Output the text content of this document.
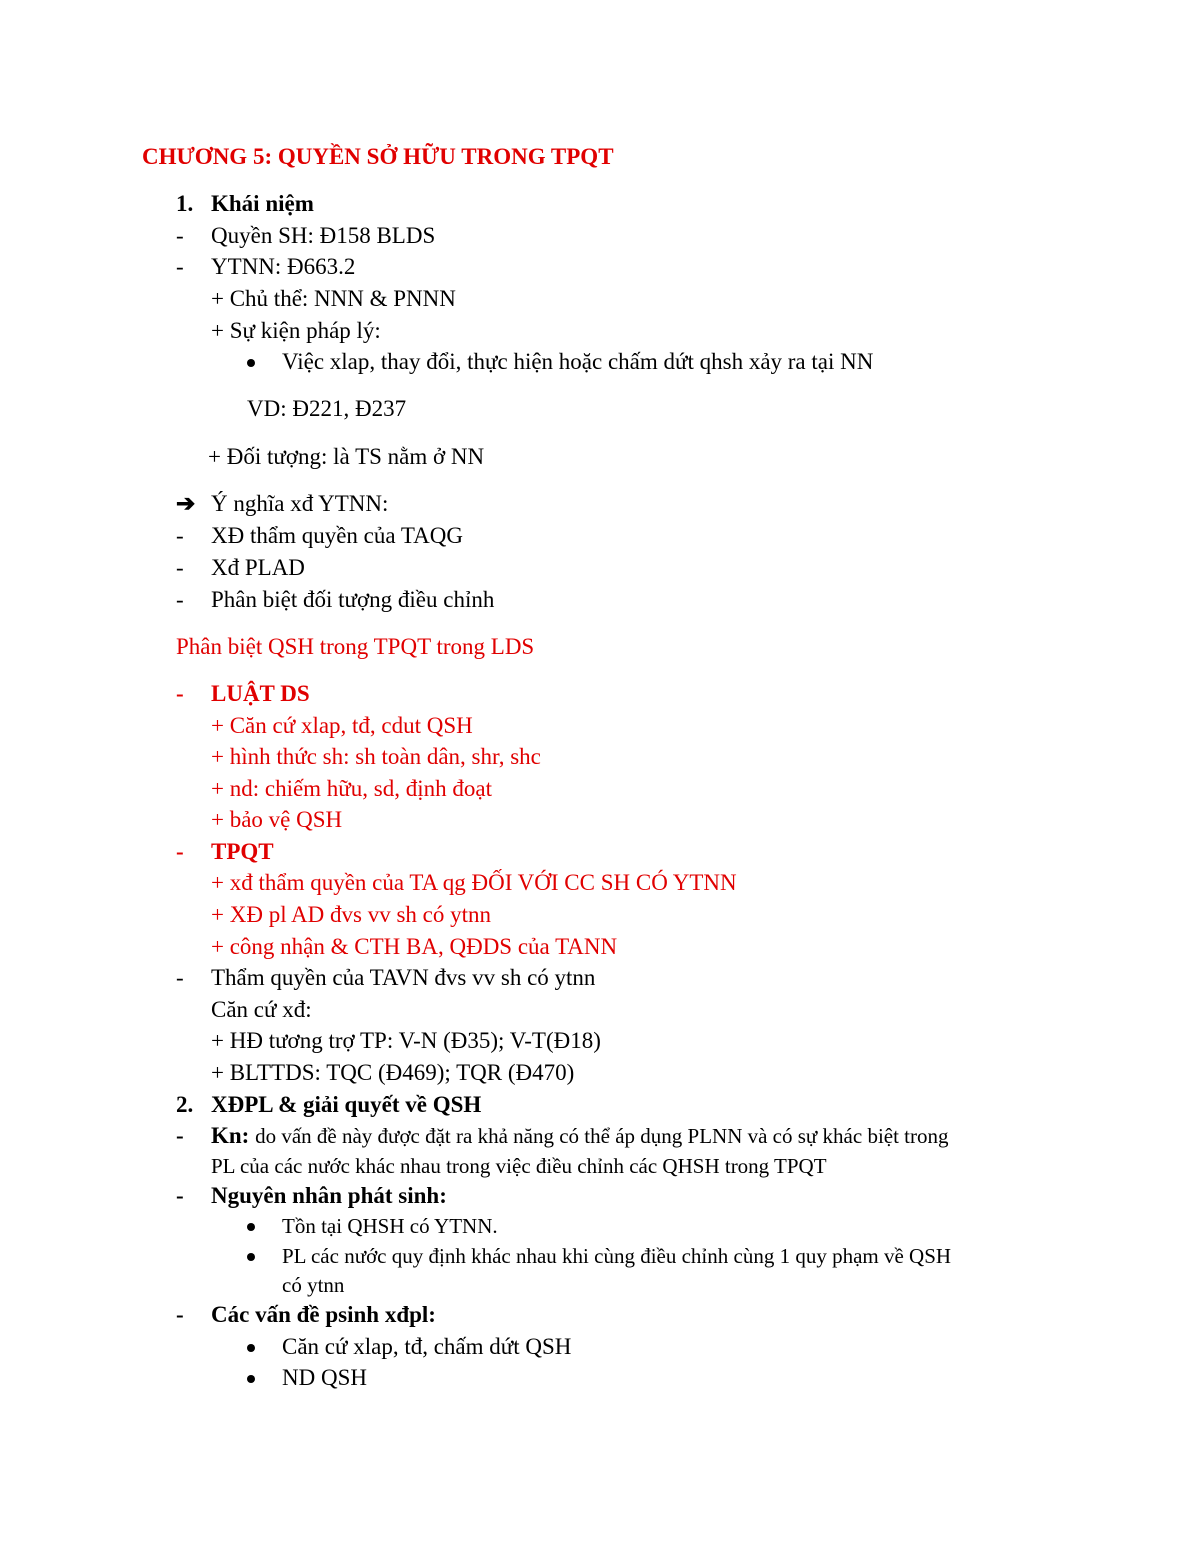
CHƯƠNG 5: QUYỀN SỞ HỮU TRONG TPQT
1. Khái niệm
- Quyền SH: Đ158 BLDS
- YTNN: Đ663.2
+ Chủ thể: NNN & PNNN
+ Sự kiện pháp lý:
Việc xlap, thay đổi, thực hiện hoặc chấm dứt qhsh xảy ra tại NN
VD: Đ221, Đ237
+ Đối tượng: là TS nằm ở NN
➔ Ý nghĩa xđ YTNN:
- XĐ thẩm quyền của TAQG
- Xđ PLAD
- Phân biệt đối tượng điều chỉnh
Phân biệt QSH trong TPQT trong LDS
- LUẬT DS
+ Căn cứ xlap, tđ, cdut QSH
+ hình thức sh: sh toàn dân, shr, shc
+ nd: chiếm hữu, sd, định đoạt
+ bảo vệ QSH
- TPQT
+ xđ thẩm quyền của TA qg ĐỐI VỚI CC SH CÓ YTNN
+ XĐ pl AD đvs vv sh có ytnn
+ công nhận & CTH BA, QĐDS của TANN
- Thẩm quyền của TAVN đvs vv sh có ytnn
Căn cứ xđ:
+ HĐ tương trợ TP: V-N (Đ35); V-T(Đ18)
+ BLTTDS: TQC (Đ469); TQR (Đ470)
2. XĐPL & giải quyết về QSH
- Kn: do vấn đề này được đặt ra khả năng có thể áp dụng PLNN và có sự khác biệt trong
PL của các nước khác nhau trong việc điều chỉnh các QHSH trong TPQT
- Nguyên nhân phát sinh:
Tồn tại QHSH có YTNN.
PL các nước quy định khác nhau khi cùng điều chỉnh cùng 1 quy phạm về QSH
có ytnn
- Các vấn đề psinh xđpl:
Căn cứ xlap, tđ, chấm dứt QSH
ND QSH
